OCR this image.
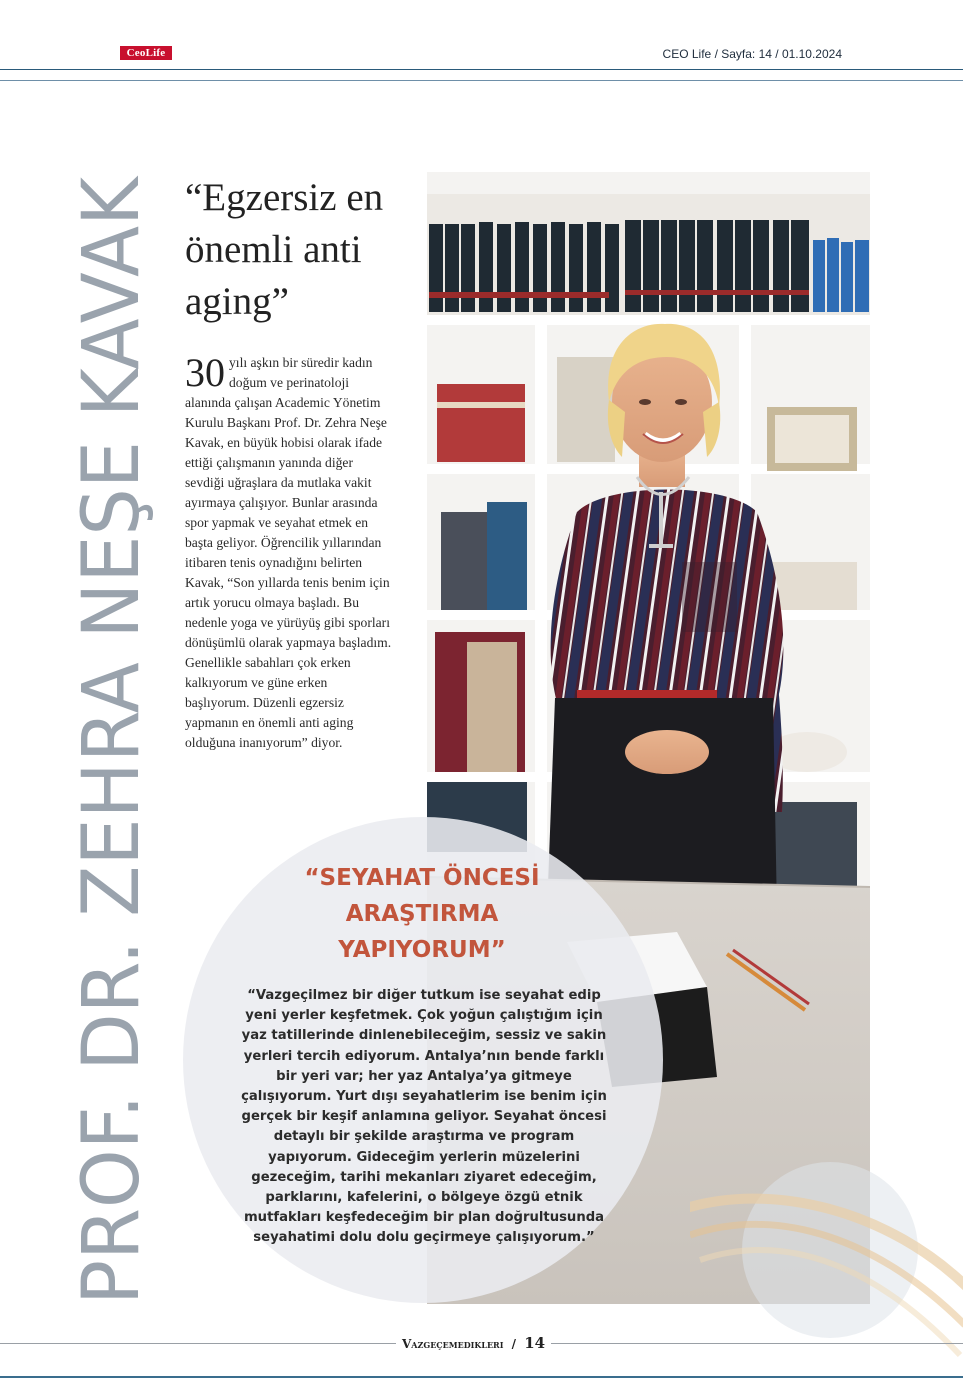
CeoLife	CEO Life / Sayfa: 14 / 01.10.2024
PROF. DR. ZEHRA NEŞE KAVAK “Egzersiz en önemli anti aging”
30 yılı aşkın bir süredir kadın doğum ve perinatoloji alanında çalışan Academic Yönetim Kurulu Başkanı Prof. Dr. Zehra Neşe Kavak, en büyük hobisi olarak ifade ettiği çalışmanın yanında diğer sevdiği uğraşlara da mutlaka vakit ayırmaya çalışıyor. Bunlar arasında spor yapmak ve seyahat etmek en başta geliyor. Öğrencilik yıllarından itibaren tenis oynadığını belirten Kavak, “Son yıllarda tenis benim için artık yorucu olmaya başladı. Bu nedenle yoga ve yürüyüş gibi sporları dönüşümlü olarak yapmaya başladım. Genellikle sabahları çok erken kalkıyorum ve güne erken başlıyorum. Düzenli egzersiz yapmanın en önemli anti aging olduğuna inanıyorum” diyor.
“SEYAHAT ÖNCESİ ARAŞTIRMA YAPIYORUM”
“Vazgeçilmez bir diğer tutkum ise seyahat edip yeni yerler keşfetmek. Çok yoğun çalıştığım için yaz tatillerinde dinlenebileceğim, sessiz ve sakin yerleri tercih ediyorum. Antalya’nın bende farklı bir yeri var; her yaz Antalya’ya gitmeye çalışıyorum. Yurt dışı seyahatlerim ise benim için gerçek bir keşif anlamına geliyor. Seyahat öncesi detaylı bir şekilde araştırma ve program yapıyorum. Gideceğim yerlerin müzelerini gezeceğim, tarihi mekanları ziyaret edeceğim, parklarını, kafelerini, o bölgeye özgü etnik mutfakları keşfedeceğim bir plan doğrultusunda seyahatimi dolu dolu geçirmeye çalışıyorum.”
Vazgeçemedikleri / 14
